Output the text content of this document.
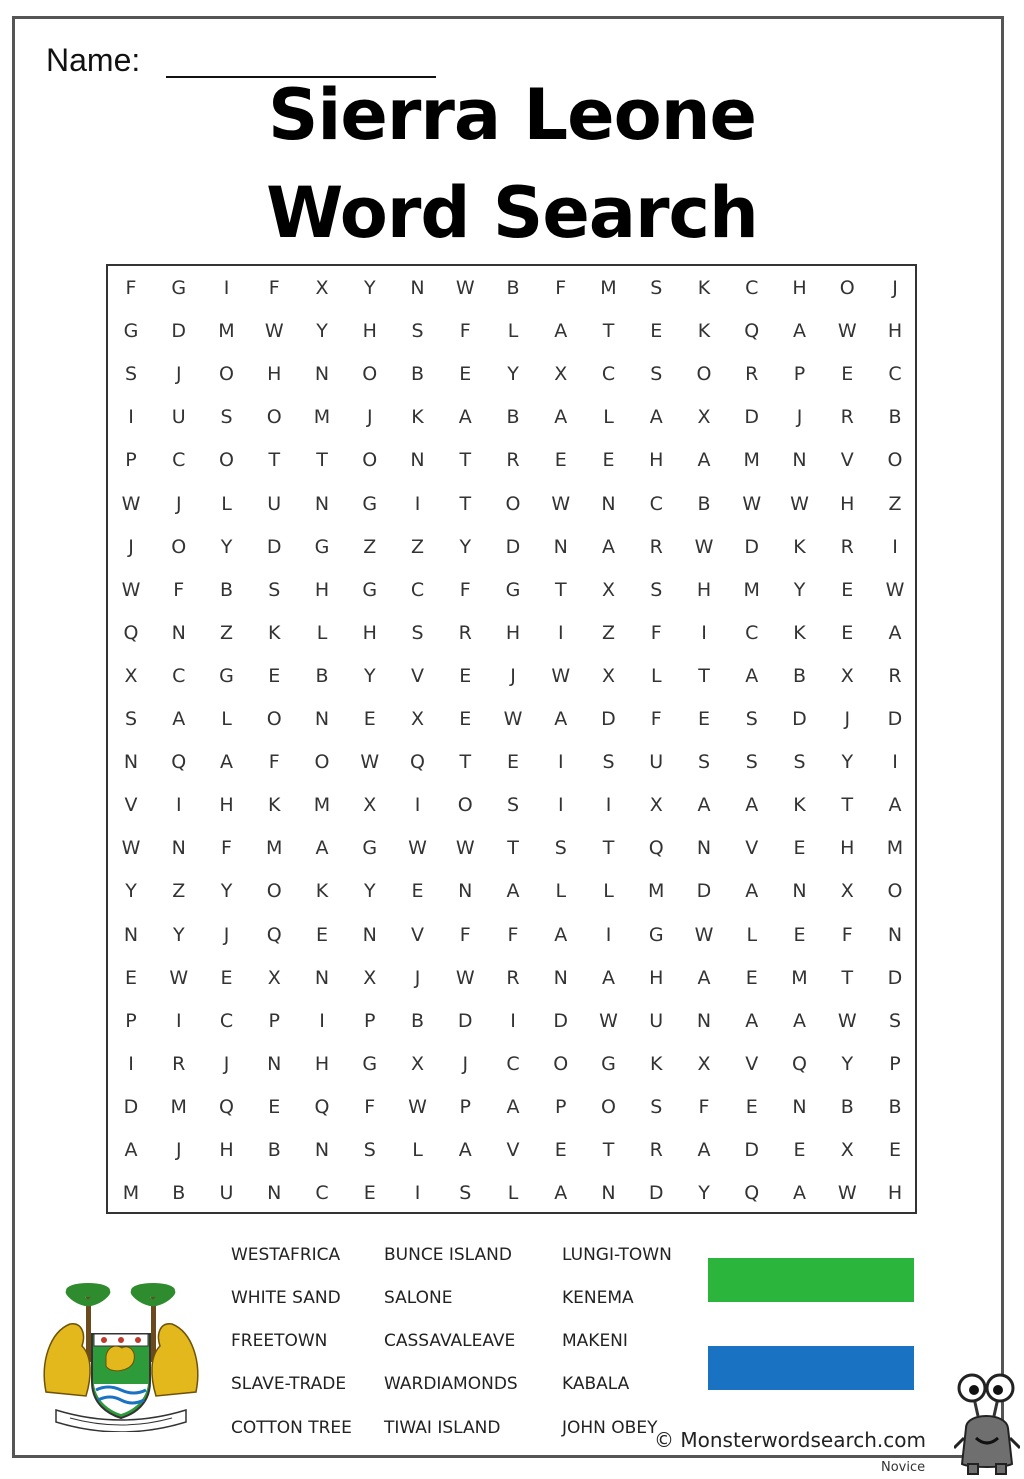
Name:
Sierra Leone
Word Search
F	G	I	F	X	Y	N	W	B	F	M	S	K	C	H	O	J
G	D	M	W	Y	H	S	F	L	A	T	E	K	Q	A	W	H
S	J	O	H	N	O	B	E	Y	X	C	S	O	R	P	E	C
I	U	S	O	M	J	K	A	B	A	L	A	X	D	J	R	B
P	C	O	T	T	O	N	T	R	E	E	H	A	M	N	V	O
W	J	L	U	N	G	I	T	O	W	N	C	B	W	W	H	Z
J	O	Y	D	G	Z	Z	Y	D	N	A	R	W	D	K	R	I
W	F	B	S	H	G	C	F	G	T	X	S	H	M	Y	E	W
Q	N	Z	K	L	H	S	R	H	I	Z	F	I	C	K	E	A
X	C	G	E	B	Y	V	E	J	W	X	L	T	A	B	X	R
S	A	L	O	N	E	X	E	W	A	D	F	E	S	D	J	D
N	Q	A	F	O	W	Q	T	E	I	S	U	S	S	S	Y	I
V	I	H	K	M	X	I	O	S	I	I	X	A	A	K	T	A
W	N	F	M	A	G	W	W	T	S	T	Q	N	V	E	H	M
Y	Z	Y	O	K	Y	E	N	A	L	L	M	D	A	N	X	O
N	Y	J	Q	E	N	V	F	F	A	I	G	W	L	E	F	N
E	W	E	X	N	X	J	W	R	N	A	H	A	E	M	T	D
P	I	C	P	I	P	B	D	I	D	W	U	N	A	A	W	S
I	R	J	N	H	G	X	J	C	O	G	K	X	V	Q	Y	P
D	M	Q	E	Q	F	W	P	A	P	O	S	F	E	N	B	B
A	J	H	B	N	S	L	A	V	E	T	R	A	D	E	X	E
M	B	U	N	C	E	I	S	L	A	N	D	Y	Q	A	W	H
WESTAFRICA
WHITE SAND
FREETOWN
SLAVE-TRADE
COTTON TREE
BUNCE ISLAND
SALONE
CASSAVALEAVE
WARDIAMONDS
TIWAI ISLAND
LUNGI-TOWN
KENEMA
MAKENI
KABALA
JOHN OBEY
© Monsterwordsearch.com
Novice
